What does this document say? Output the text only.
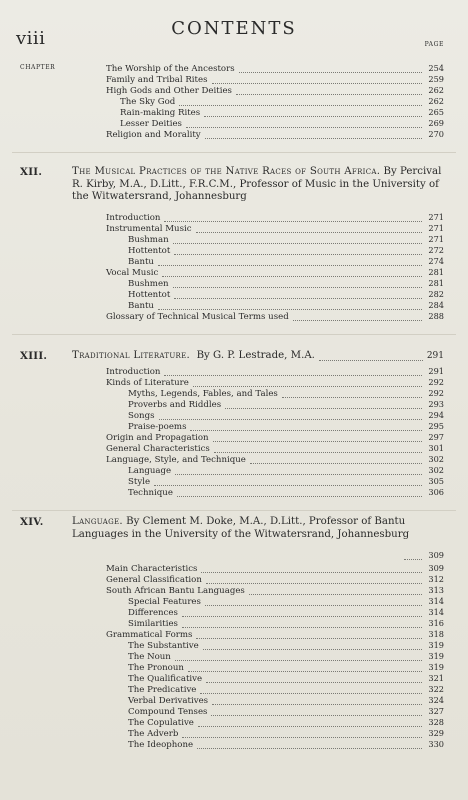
viii	CONTENTS
PAGE
CHAPTER	The Worship of the Ancestors	254
Family and Tribal Rites	259
High Gods and Other Deities	262
The Sky God	262
Rain-making Rites	265
Lesser Deities	269
Religion and Morality	270
XII.	The Musical Practices of the Native Races of South Africa. By Percival R. Kirby, M.A., D.Litt., F.R.C.M., Professor of Music in the University of the Witwatersrand, Johannesburg
Introduction	271
Instrumental Music	271
Bushman	271
Hottentot	272
Bantu	274
Vocal Music	281
Bushmen	281
Hottentot	282
Bantu	284
Glossary of Technical Musical Terms used	288
XIII. Traditional Literature. By G. P. Lestrade, M.A.	291
Introduction	291
Kinds of Literature	292
Myths, Legends, Fables, and Tales	292
Proverbs and Riddles	293
Songs	294
Praise-poems	295
Origin and Propagation	297
General Characteristics	301
Language, Style, and Technique	302
Language	302
Style	305
Technique	306
XIV.	Language. By Clement M. Doke, M.A., D.Litt., Professor of Bantu Languages in the University of the Witwatersrand, Johannesburg
309
Main Characteristics	309
General Classification	312
South African Bantu Languages	313
Special Features	314
Differences	314
Similarities	316
Grammatical Forms	318
The Substantive	319
The Noun	319
The Pronoun	319
The Qualificative	321
The Predicative	322
Verbal Derivatives	324
Compound Tenses	327
The Copulative	328
The Adverb	329
The Ideophone	330
